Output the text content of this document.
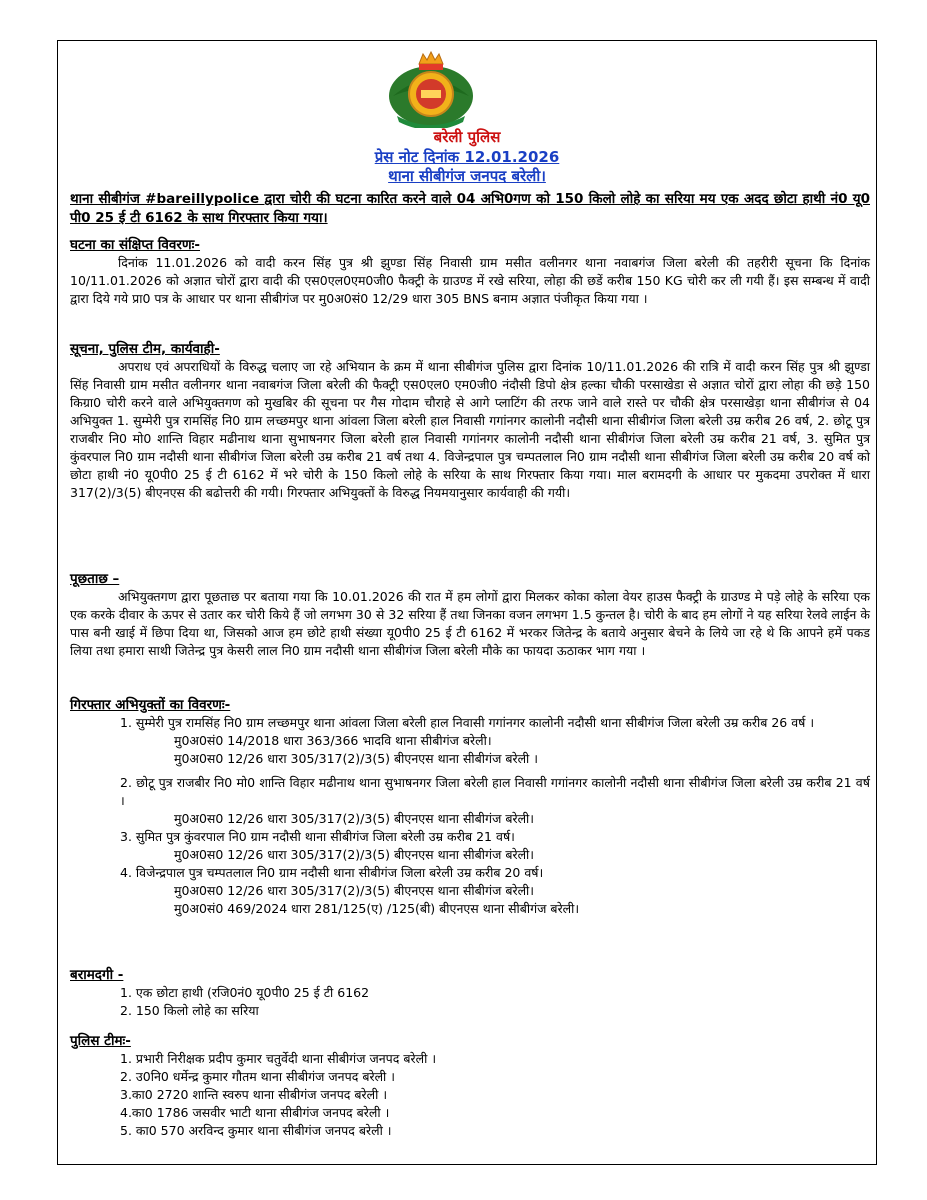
बरेली पुलिस
प्रेस नोट दिनांक 12.01.2026
थाना सीबीगंज जनपद बरेली।

थाना सीबीगंज #bareillypolice द्वारा चोरी की घटना कारित करने वाले 04 अभि0गण को 150 किलो लोहे का सरिया मय एक अदद छोटा हाथी नं0 यू0 पी0 25 ई टी 6162 के साथ गिरफ्तार किया गया।

घटना का संक्षिप्त विवरणः-

दिनांक 11.01.2026 को वादी करन सिंह पुत्र श्री झुण्डा सिंह निवासी ग्राम मसीत वलीनगर थाना नवाबगंज जिला बरेली की तहरीरी सूचना कि दिनांक 10/11.01.2026 को अज्ञात चोरों द्वारा वादी की एस0एल0एम0जी0 फैक्ट्री के ग्राउण्ड में रखे सरिया, लोहा की छडें करीब 150 KG चोरी कर ली गयी हैं। इस सम्बन्ध में वादी द्वारा दिये गये प्रा0 पत्र के आधार पर थाना सीबीगंज पर मु0अ0सं0 12/29 धारा 305 BNS बनाम अज्ञात पंजीकृत किया गया ।

सूचना, पुलिस टीम, कार्यवाही-

अपराध एवं अपराधियों के विरुद्ध चलाए जा रहे अभियान के क्रम में थाना सीबीगंज पुलिस द्वारा दिनांक 10/11.01.2026 की रात्रि में वादी करन सिंह पुत्र श्री झुण्डा सिंह निवासी ग्राम मसीत वलीनगर थाना नवाबगंज जिला बरेली की फैक्ट्री एस0एल0 एम0जी0 नंदौसी डिपो क्षेत्र हल्का चौकी परसाखेडा से अज्ञात चोरों द्वारा लोहा की छड़े 150 किग्रा0 चोरी करने वाले अभियुक्तगण को मुखबिर की सूचना पर गैस गोदाम चौराहे से आगे प्लाटिंग की तरफ जाने वाले रास्ते पर चौकी क्षेत्र परसाखेड़ा थाना सीबीगंज से 04 अभियुक्त 1. सुम्मेरी पुत्र रामसिंह नि0 ग्राम लच्छमपुर थाना आंवला जिला बरेली हाल निवासी गगांनगर कालोनी नदौसी थाना सीबीगंज जिला बरेली उम्र करीब 26 वर्ष, 2. छोटू पुत्र राजबीर नि0 मो0 शान्ति विहार मढीनाथ थाना सुभाषनगर जिला बरेली हाल निवासी गगांनगर कालोनी नदौसी थाना सीबीगंज जिला बरेली उम्र करीब 21 वर्ष, 3. सुमित पुत्र कुंवरपाल नि0 ग्राम नदौसी थाना सीबीगंज जिला बरेली उम्र करीब 21 वर्ष तथा 4. विजेन्द्रपाल पुत्र चम्पतलाल नि0 ग्राम नदौसी थाना सीबीगंज जिला बरेली उम्र करीब 20 वर्ष को छोटा हाथी नं0 यू0पी0 25 ई टी 6162 में भरे चोरी के 150 किलो लोहे के सरिया के साथ गिरफ्तार किया गया। माल बरामदगी के आधार पर मुकदमा उपरोक्त में धारा 317(2)/3(5) बीएनएस की बढोत्तरी की गयी। गिरफ्तार अभियुक्तों के विरुद्ध नियमयानुसार कार्यवाही की गयी।

पूछताछ –

अभियुक्तगण द्वारा पूछताछ पर बताया गया कि 10.01.2026 की रात में हम लोगों द्वारा मिलकर कोका कोला वेयर हाउस फैक्ट्री के ग्राउण्ड मे पड़े लोहे के सरिया एक एक करके दीवार के ऊपर से उतार कर चोरी किये हैं जो लगभग 30 से 32 सरिया हैं तथा जिनका वजन लगभग 1.5 कुन्तल है। चोरी के बाद हम लोगों ने यह सरिया रेलवे लाईन के पास बनी खाई में छिपा दिया था, जिसको आज हम छोटे हाथी संख्या यू0पी0 25 ई टी 6162 में भरकर जितेन्द्र के बताये अनुसार बेचने के लिये जा रहे थे कि आपने हमें पकड लिया तथा हमारा साथी जितेन्द्र पुत्र केसरी लाल नि0 ग्राम नदौसी थाना सीबीगंज जिला बरेली मौके का फायदा ऊठाकर भाग गया ।

गिरफ्तार अभियुक्तों का विवरणः-

1. सुम्मेरी पुत्र रामसिंह नि0 ग्राम लच्छमपुर थाना आंवला जिला बरेली हाल निवासी गगांनगर कालोनी नदौसी थाना सीबीगंज जिला बरेली उम्र करीब 26 वर्ष ।

मु0अ0सं0 14/2018 धारा 363/366 भादवि थाना सीबीगंज बरेली।

मु0अ0स0 12/26 धारा 305/317(2)/3(5) बीएनएस थाना सीबीगंज बरेली ।

2. छोटू पुत्र राजबीर नि0 मो0 शान्ति विहार मढीनाथ थाना सुभाषनगर जिला बरेली हाल निवासी गगांनगर कालोनी नदौसी थाना सीबीगंज जिला बरेली उम्र करीब 21 वर्ष ।

मु0अ0स0 12/26 धारा 305/317(2)/3(5) बीएनएस थाना सीबीगंज बरेली।

3. सुमित पुत्र कुंवरपाल नि0 ग्राम नदौसी थाना सीबीगंज जिला बरेली उम्र करीब 21 वर्ष।

मु0अ0स0 12/26 धारा 305/317(2)/3(5) बीएनएस थाना सीबीगंज बरेली।

4. विजेन्द्रपाल पुत्र चम्पतलाल नि0 ग्राम नदौसी थाना सीबीगंज जिला बरेली उम्र करीब 20 वर्ष।

मु0अ0स0 12/26 धारा 305/317(2)/3(5) बीएनएस थाना सीबीगंज बरेली।

मु0अ0सं0 469/2024 धारा 281/125(ए) /125(बी) बीएनएस थाना सीबीगंज बरेली।

बरामदगी -

1. एक छोटा हाथी (रजि0नं0 यू0पी0 25 ई टी 6162

2. 150 किलो लोहे का सरिया

पुलिस टीमः-

1. प्रभारी निरीक्षक प्रदीप कुमार चतुर्वेदी थाना सीबीगंज जनपद बरेली ।

2. उ0नि0 धर्मेन्द्र कुमार गौतम थाना सीबीगंज जनपद बरेली ।

3.का0 2720 शान्ति स्वरुप थाना सीबीगंज जनपद बरेली ।

4.का0 1786 जसवीर भाटी थाना सीबीगंज जनपद बरेली ।

5. का0 570 अरविन्द कुमार थाना सीबीगंज जनपद बरेली ।
